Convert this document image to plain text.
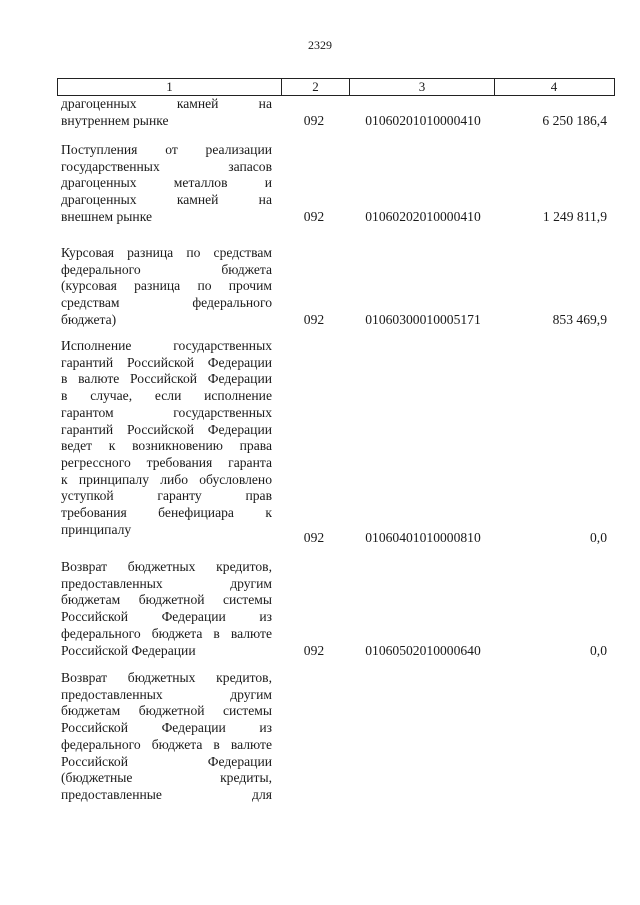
2329
1	2	3	4
драгоценных камней на
внутреннем рынке	092	01060201010000410	6 250 186,4
Поступления от реализации
государственных запасов
драгоценных металлов и
драгоценных камней на
внешнем рынке	092	01060202010000410	1 249 811,9
Курсовая разница по средствам
федерального бюджета
(курсовая разница по прочим
средствам федерального
бюджета)	092	01060300010005171	853 469,9
Исполнение государственных
гарантий Российской Федерации
в валюте Российской Федерации
в случае, если исполнение
гарантом государственных
гарантий Российской Федерации
ведет к возникновению права
регрессного требования гаранта
к принципалу либо обусловлено
уступкой гаранту прав
требования бенефициара к
принципалу
092	01060401010000810	0,0
Возврат бюджетных кредитов,
предоставленных другим
бюджетам бюджетной системы
Российской Федерации из
федерального бюджета в валюте
Российской Федерации	092	01060502010000640	0,0
Возврат бюджетных кредитов,
предоставленных другим
бюджетам бюджетной системы
Российской Федерации из
федерального бюджета в валюте
Российской Федерации
(бюджетные кредиты,
предоставленные для
